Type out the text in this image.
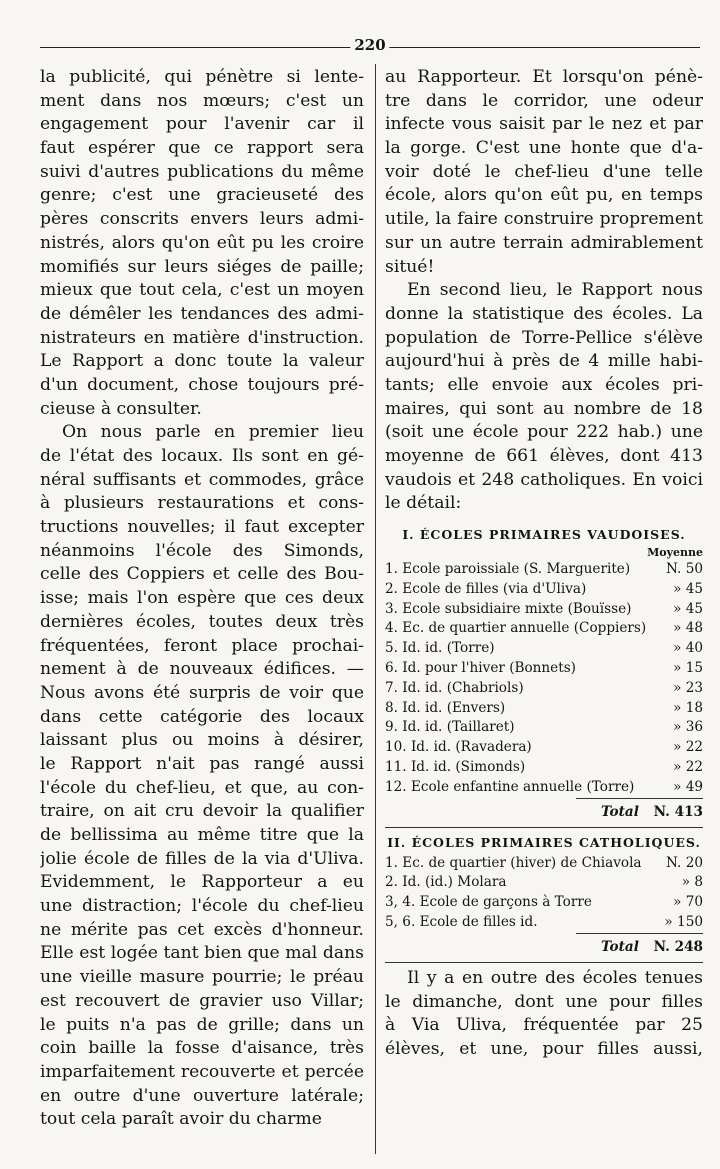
220
la publicité, qui pénètre si lente-
ment dans nos mœurs; c'est un
engagement pour l'avenir car il
faut espérer que ce rapport sera
suivi d'autres publications du même
genre; c'est une gracieuseté des
pères conscrits envers leurs admi-
nistrés, alors qu'on eût pu les croire
momifiés sur leurs siéges de paille;
mieux que tout cela, c'est un moyen
de démêler les tendances des admi-
nistrateurs en matière d'instruction.
Le Rapport a donc toute la valeur
d'un document, chose toujours pré-
cieuse à consulter.
On nous parle en premier lieu
de l'état des locaux. Ils sont en gé-
néral suffisants et commodes, grâce
à plusieurs restaurations et cons-
tructions nouvelles; il faut excepter
néanmoins l'école des Simonds,
celle des Coppiers et celle des Bou-
isse; mais l'on espère que ces deux
dernières écoles, toutes deux très
fréquentées, feront place prochai-
nement à de nouveaux édifices. —
Nous avons été surpris de voir que
dans cette catégorie des locaux
laissant plus ou moins à désirer,
le Rapport n'ait pas rangé aussi
l'école du chef-lieu, et que, au con-
traire, on ait cru devoir la qualifier
de bellissima au même titre que la
jolie école de filles de la via d'Uliva.
Evidemment, le Rapporteur a eu
une distraction; l'école du chef-lieu
ne mérite pas cet excès d'honneur.
Elle est logée tant bien que mal dans
une vieille masure pourrie; le préau
est recouvert de gravier uso Villar;
le puits n'a pas de grille; dans un
coin baille la fosse d'aisance, très
imparfaitement recouverte et percée
en outre d'une ouverture latérale;
tout cela paraît avoir du charme
au Rapporteur. Et lorsqu'on pénè-
tre dans le corridor, une odeur
infecte vous saisit par le nez et par
la gorge. C'est une honte que d'a-
voir doté le chef-lieu d'une telle
école, alors qu'on eût pu, en temps
utile, la faire construire proprement
sur un autre terrain admirablement
situé!
En second lieu, le Rapport nous
donne la statistique des écoles. La
population de Torre-Pellice s'élève
aujourd'hui à près de 4 mille habi-
tants; elle envoie aux écoles pri-
maires, qui sont au nombre de 18
(soit une école pour 222 hab.) une
moyenne de 661 élèves, dont 413
vaudois et 248 catholiques. En voici
le détail:
I. ÉCOLES PRIMAIRES VAUDOISES.
Moyenne
1. Ecole paroissiale (S. Marguerite)	N. 50
2. Ecole de filles (via d'Uliva)	» 45
3. Ecole subsidiaire mixte (Bouïsse)	» 45
4. Ec. de quartier annuelle (Coppiers)	» 48
5. Id. id. (Torre)	» 40
6. Id. pour l'hiver (Bonnets)	» 15
7. Id. id. (Chabriols)	» 23
8. Id. id. (Envers)	» 18
9. Id. id. (Taillaret)	» 36
10. Id. id. (Ravadera)	» 22
11. Id. id. (Simonds)	» 22
12. Ecole enfantine annuelle (Torre)	» 49
Total N. 413
II. ÉCOLES PRIMAIRES CATHOLIQUES.
1. Ec. de quartier (hiver) de Chiavola	N. 20
2. Id. (id.) Molara	» 8
3, 4. Ecole de garçons à Torre	» 70
5, 6. Ecole de filles id.	» 150
Total N. 248
Il y a en outre des écoles tenues
le dimanche, dont une pour filles
à Via Uliva, fréquentée par 25
élèves, et une, pour filles aussi,
